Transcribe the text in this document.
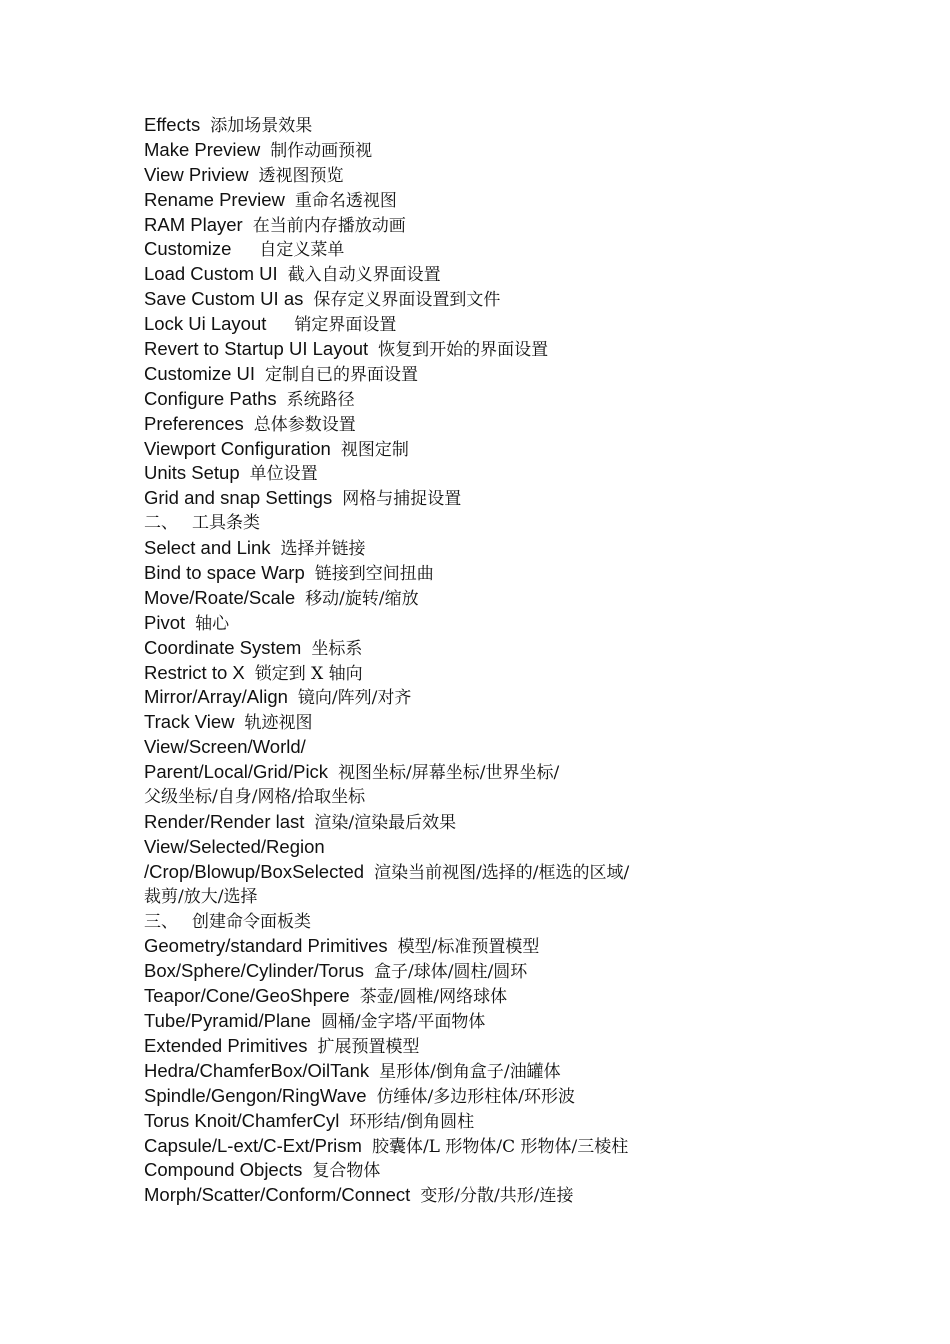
Effects 添加场景效果
Make Preview 制作动画预视
View Priview 透视图预览
Rename Preview 重命名透视图
RAM Player 在当前内存播放动画
Customize 自定义菜单
Load Custom UI 截入自动义界面设置
Save Custom UI as 保存定义界面设置到文件
Lock Ui Layout 销定界面设置
Revert to Startup UI Layout 恢复到开始的界面设置
Customize UI 定制自已的界面设置
Configure Paths 系统路径
Preferences 总体参数设置
Viewport Configuration 视图定制
Units Setup 单位设置
Grid and snap Settings 网格与捕捉设置
二、 工具条类
Select and Link 选择并链接
Bind to space Warp 链接到空间扭曲
Move/Roate/Scale 移动/旋转/缩放
Pivot 轴心
Coordinate System 坐标系
Restrict to X 锁定到 X 轴向
Mirror/Array/Align 镜向/阵列/对齐
Track View 轨迹视图
View/Screen/World/
Parent/Local/Grid/Pick 视图坐标/屏幕坐标/世界坐标/
父级坐标/自身/网格/拾取坐标
Render/Render last 渲染/渲染最后效果
View/Selected/Region
/Crop/Blowup/BoxSelected 渲染当前视图/选择的/框选的区域/
裁剪/放大/选择
三、 创建命令面板类
Geometry/standard Primitives 模型/标准预置模型
Box/Sphere/Cylinder/Torus 盒子/球体/圆柱/圆环
Teapor/Cone/GeoShpere 茶壶/圆椎/网络球体
Tube/Pyramid/Plane 圆桶/金字塔/平面物体
Extended Primitives 扩展预置模型
Hedra/ChamferBox/OilTank 星形体/倒角盒子/油罐体
Spindle/Gengon/RingWave 仿缍体/多边形柱体/环形波
Torus Knoit/ChamferCyl 环形结/倒角圆柱
Capsule/L-ext/C-Ext/Prism 胶囊体/L 形物体/C 形物体/三棱柱
Compound Objects 复合物体
Morph/Scatter/Conform/Connect 变形/分散/共形/连接
